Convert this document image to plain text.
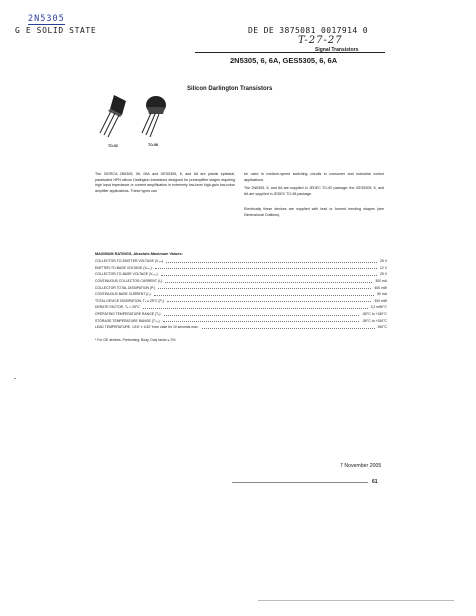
2N5305
G E SOLID STATE	DE DE 3875081 0017914 0
T-27-27
Signal Transistors
2N5305, 6, 6A, GES5305, 6, 6A
Silicon Darlington Transistors
TO-92	TO-98
The GE/RCA 2N5305, 06, 06A and GES5305, 6, and 6A are plastic epitaxial, passivated NPN silicon Darlington transistors designed for preamplifier stages requiring high input impedance or current amplification in extremely low-level high-gain low-noise amplifier applications. These types can
be used in medium-speed switching circuits in consumer and industrial control applications.
The 2N5305, 6, and 6A are supplied in JEDEC TO-92 package; the GES5305, 6, and 6A are supplied in JEDEC TO-98 package.
Electrically these devices are supplied with lead or formed bending shapes (see Dimensional Outlines).
MAXIMUM RATINGS, Absolute-Maximum Values:
COLLECTOR-TO-EMITTER VOLTAGE (V₀ₑₒ)	25 V
EMITTER-TO-BASE VOLTAGE (Vₑₒ₀)	12 V
COLLECTOR-TO-BASE VOLTAGE (V₀ₒ₀)	25 V
CONTINUOUS COLLECTOR CURRENT (I₀)	300 mA
COLLECTOR TOTAL DISSIPATION (Pₜ)	400 mW
CONTINUOUS BASE CURRENT (Iₒ)	50 mA
TOTAL DEVICE DISSIPATION, Tₐ ≤ 25°C (P₀)	400 mW
DERATE FACTOR, Tₐ > 25°C	3.2 mW/°C
OPERATING TEMPERATURE RANGE (Tₐ)	-55°C to +150°C
STORAGE TEMPERATURE RANGE (Tₛₜ₉)	-55°C to +150°C
LEAD TEMPERATURE, 1/16" ± 1/32" from case for 10 seconds max.	260°C
* For GE devices. Preforming: Body, Duty factor ≤ 2%.
7 November 2005
61
